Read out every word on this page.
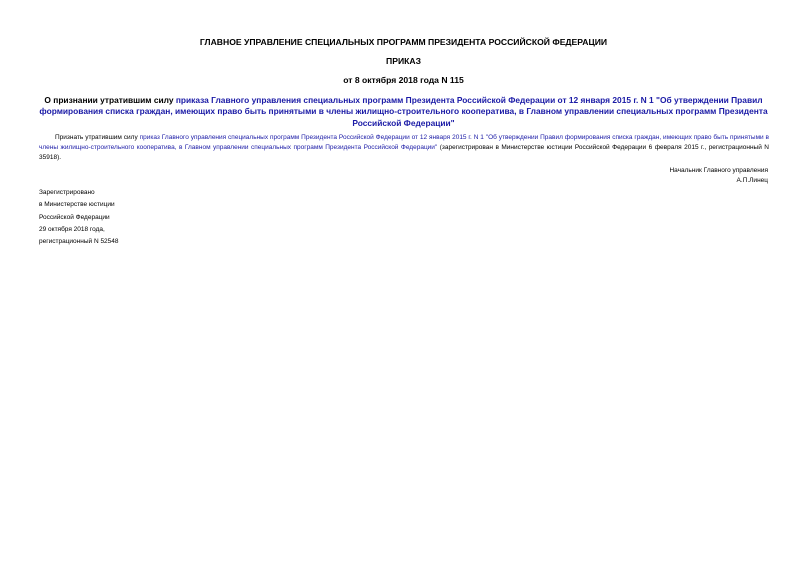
ГЛАВНОЕ УПРАВЛЕНИЕ СПЕЦИАЛЬНЫХ ПРОГРАММ ПРЕЗИДЕНТА РОССИЙСКОЙ ФЕДЕРАЦИИ
ПРИКАЗ
от 8 октября 2018 года N 115
О признании утратившим силу приказа Главного управления специальных программ Президента Российской Федерации от 12 января 2015 г. N 1 "Об утверждении Правил формирования списка граждан, имеющих право быть принятыми в члены жилищно-строительного кооператива, в Главном управлении специальных программ Президента Российской Федерации"
Признать утратившим силу приказ Главного управления специальных программ Президента Российской Федерации от 12 января 2015 г. N 1 "Об утверждении Правил формирования списка граждан, имеющих право быть принятыми в члены жилищно-строительного кооператива, в Главном управлении специальных программ Президента Российской Федерации" (зарегистрирован в Министерстве юстиции Российской Федерации 6 февраля 2015 г., регистрационный N 35918).
Начальник Главного управления
А.П.Линец
Зарегистрировано
в Министерстве юстиции
Российской Федерации
29 октября 2018 года,
регистрационный N 52548
